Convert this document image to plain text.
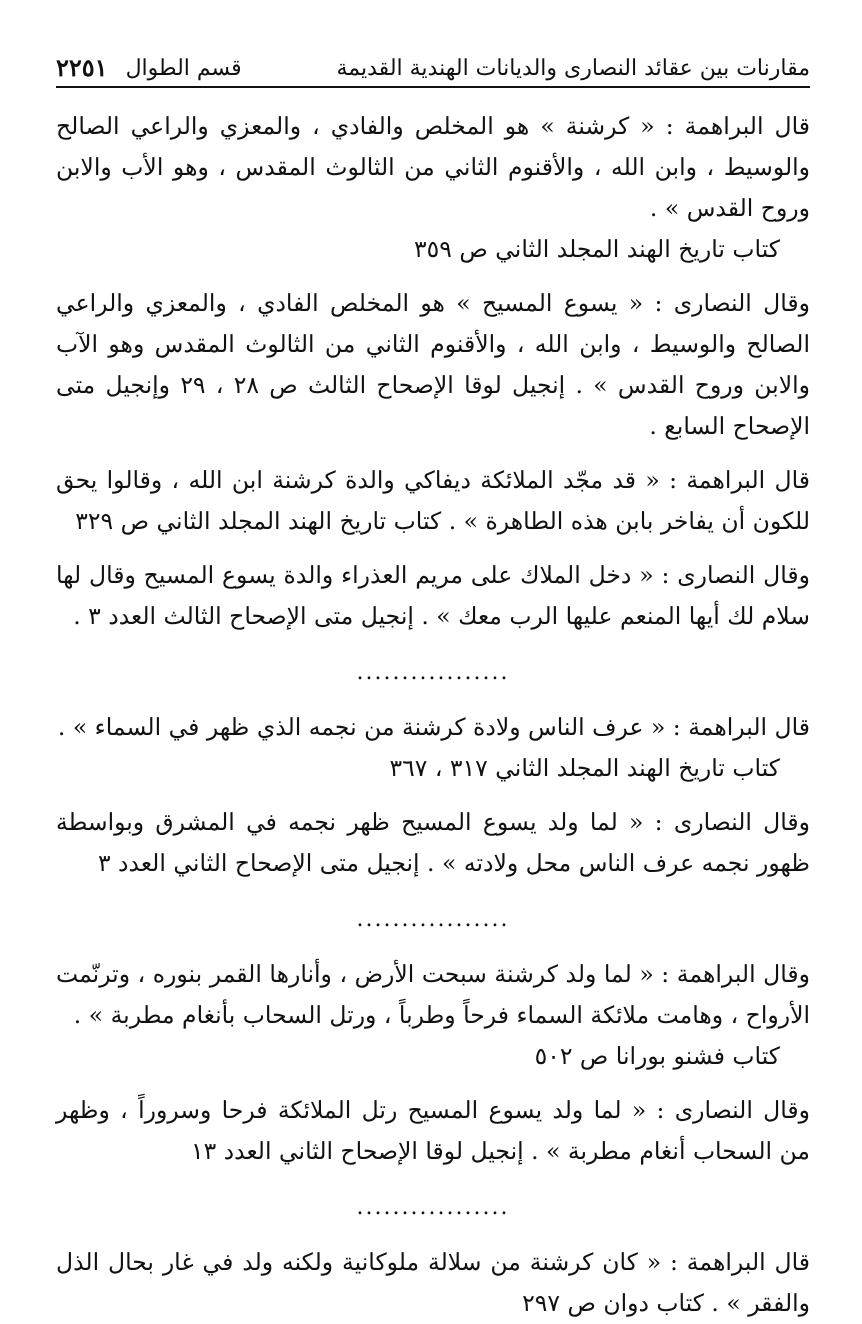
مقارنات بين عقائد النصارى والديانات الهندية القديمة
قسم الطوال
٢٢٥١

قال البراهمة : « كرشنة » هو المخلص والفادي ، والمعزي والراعي الصالح والوسيط ، وابن الله ، والأقنوم الثاني من الثالوث المقدس ، وهو الأب والابن وروح القدس » .
كتاب تاريخ الهند المجلد الثاني ص ٣٥٩

وقال النصارى : « يسوع المسيح » هو المخلص الفادي ، والمعزي والراعي الصالح والوسيط ، وابن الله ، والأقنوم الثاني من الثالوث المقدس وهو الآب والابن وروح القدس » . إنجيل لوقا الإصحاح الثالث ص ٢٨ ، ٢٩ وإنجيل متى الإصحاح السابع .

قال البراهمة : « قد مجّد الملائكة ديفاكي والدة كرشنة ابن الله ، وقالوا يحق للكون أن يفاخر بابن هذه الطاهرة » . كتاب تاريخ الهند المجلد الثاني ص ٣٢٩

وقال النصارى : « دخل الملاك على مريم العذراء والدة يسوع المسيح وقال لها سلام لك أيها المنعم عليها الرب معك » . إنجيل متى الإصحاح الثالث العدد ٣ .

.................

قال البراهمة : « عرف الناس ولادة كرشنة من نجمه الذي ظهر في السماء » .
كتاب تاريخ الهند المجلد الثاني ٣١٧ ، ٣٦٧

وقال النصارى : « لما ولد يسوع المسيح ظهر نجمه في المشرق وبواسطة ظهور نجمه عرف الناس محل ولادته » . إنجيل متى الإصحاح الثاني العدد ٣

.................

وقال البراهمة : « لما ولد كرشنة سبحت الأرض ، وأنارها القمر بنوره ، وترنّمت الأرواح ، وهامت ملائكة السماء فرحاً وطرباً ، ورتل السحاب بأنغام مطربة » .
كتاب فشنو بورانا ص ٥٠٢

وقال النصارى : « لما ولد يسوع المسيح رتل الملائكة فرحا وسروراً ، وظهر من السحاب أنغام مطربة » . إنجيل لوقا الإصحاح الثاني العدد ١٣

.................

قال البراهمة : « كان كرشنة من سلالة ملوكانية ولكنه ولد في غار بحال الذل والفقر » . كتاب دوان ص ٢٩٧
